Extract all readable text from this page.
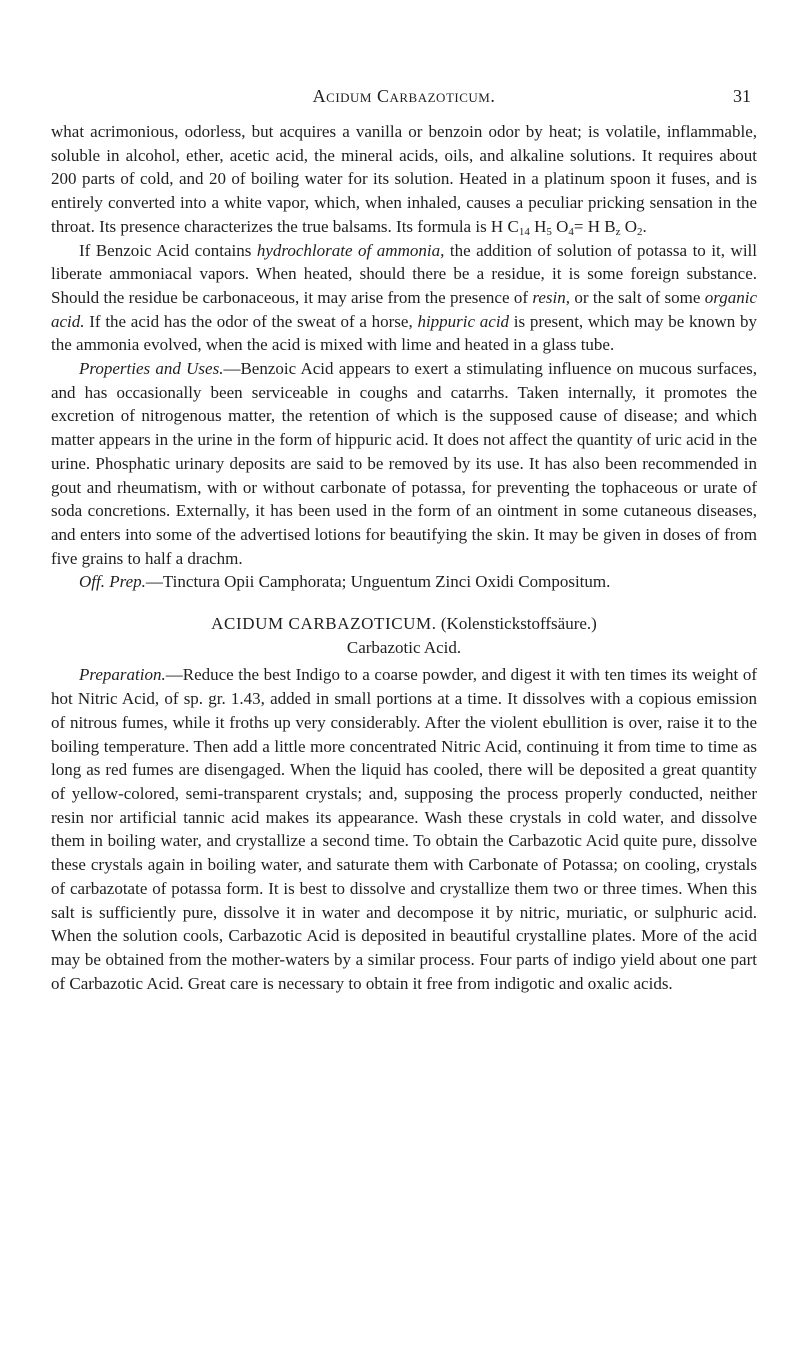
Acidum Carbazoticum.	31

what acrimonious, odorless, but acquires a vanilla or benzoin odor by heat; is volatile, inflammable, soluble in alcohol, ether, acetic acid, the mineral acids, oils, and alkaline solutions. It requires about 200 parts of cold, and 20 of boiling water for its solution. Heated in a platinum spoon it fuses, and is entirely converted into a white vapor, which, when inhaled, causes a peculiar pricking sensation in the throat. Its presence characterizes the true balsams. Its formula is H $C_{14}$ $H_5$ $O_4= H$ $B_z$ $O_2$.

If Benzoic Acid contains hydrochlorate of ammonia, the addition of solution of potassa to it, will liberate ammoniacal vapors. When heated, should there be a residue, it is some foreign substance. Should the residue be carbonaceous, it may arise from the presence of resin, or the salt of some organic acid. If the acid has the odor of the sweat of a horse, hippuric acid is present, which may be known by the ammonia evolved, when the acid is mixed with lime and heated in a glass tube.

Properties and Uses.—Benzoic Acid appears to exert a stimulating influence on mucous surfaces, and has occasionally been serviceable in coughs and catarrhs. Taken internally, it promotes the excretion of nitrogenous matter, the retention of which is the supposed cause of disease; and which matter appears in the urine in the form of hippuric acid. It does not affect the quantity of uric acid in the urine. Phosphatic urinary deposits are said to be removed by its use. It has also been recommended in gout and rheumatism, with or without carbonate of potassa, for preventing the tophaceous or urate of soda concretions. Externally, it has been used in the form of an ointment in some cutaneous diseases, and enters into some of the advertised lotions for beautifying the skin. It may be given in doses of from five grains to half a drachm.

Off. Prep.—Tinctura Opii Camphorata; Unguentum Zinci Oxidi Compositum.

ACIDUM CARBAZOTICUM. (Kolenstickstoffsäure.)
Carbazotic Acid.

Preparation.—Reduce the best Indigo to a coarse powder, and digest it with ten times its weight of hot Nitric Acid, of sp. gr. 1.43, added in small portions at a time. It dissolves with a copious emission of nitrous fumes, while it froths up very considerably. After the violent ebullition is over, raise it to the boiling temperature. Then add a little more concentrated Nitric Acid, continuing it from time to time as long as red fumes are disengaged. When the liquid has cooled, there will be deposited a great quantity of yellow-colored, semi-transparent crystals; and, supposing the process properly conducted, neither resin nor artificial tannic acid makes its appearance. Wash these crystals in cold water, and dissolve them in boiling water, and crystallize a second time. To obtain the Carbazotic Acid quite pure, dissolve these crystals again in boiling water, and saturate them with Carbonate of Potassa; on cooling, crystals of carbazotate of potassa form. It is best to dissolve and crystallize them two or three times. When this salt is sufficiently pure, dissolve it in water and decompose it by nitric, muriatic, or sulphuric acid. When the solution cools, Carbazotic Acid is deposited in beautiful crystalline plates. More of the acid may be obtained from the mother-waters by a similar process. Four parts of indigo yield about one part of Carbazotic Acid. Great care is necessary to obtain it free from indigotic and oxalic acids.
